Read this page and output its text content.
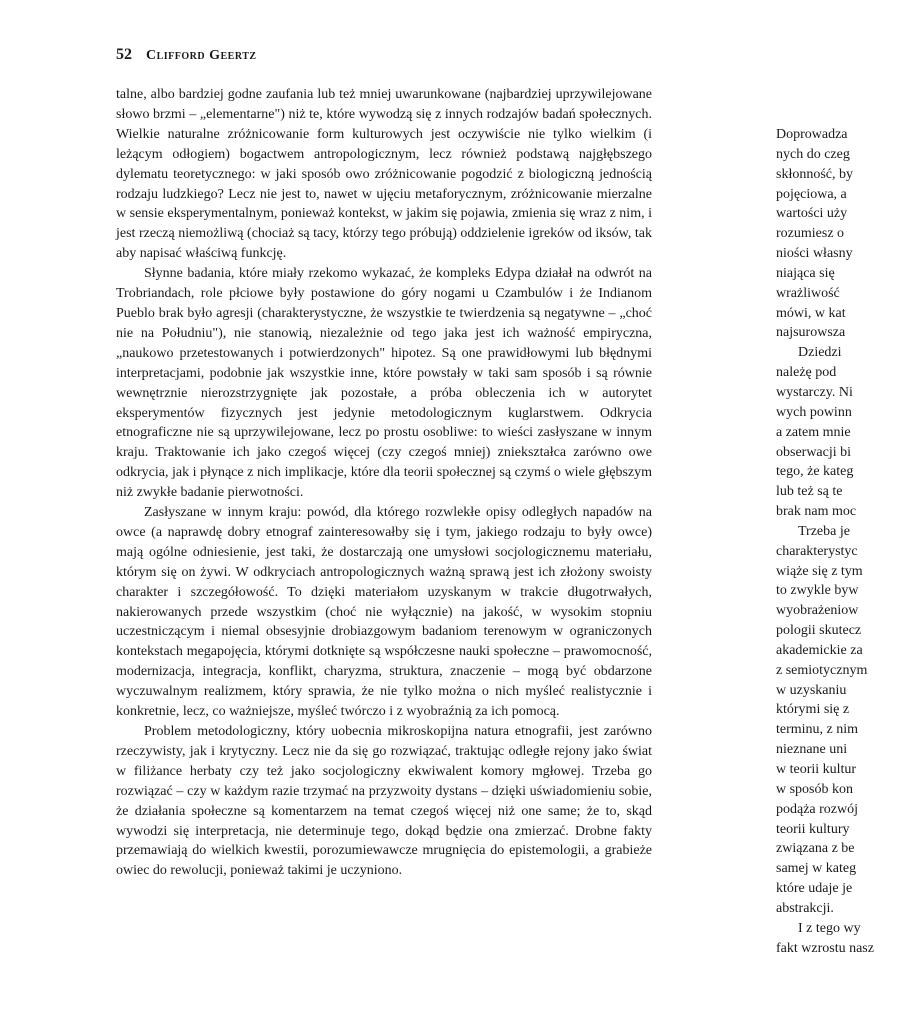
52 Clifford Geertz

talne, albo bardziej godne zaufania lub też mniej uwarunkowane (najbardziej uprzywilejowane słowo brzmi – „elementarne") niż te, które wywodzą się z innych rodzajów badań społecznych. Wielkie naturalne zróżnicowanie form kulturowych jest oczywiście nie tylko wielkim (i leżącym odłogiem) bogactwem antropologicznym, lecz również podstawą najgłębszego dylematu teoretycznego: w jaki sposób owo zróżnicowanie pogodzić z biologiczną jednością rodzaju ludzkiego? Lecz nie jest to, nawet w ujęciu metaforycznym, zróżnicowanie mierzalne w sensie eksperymentalnym, ponieważ kontekst, w jakim się pojawia, zmienia się wraz z nim, i jest rzeczą niemożliwą (chociaż są tacy, którzy tego próbują) oddzielenie igreków od iksów, tak aby napisać właściwą funkcję.

Słynne badania, które miały rzekomo wykazać, że kompleks Edypa działał na odwrót na Trobriandach, role płciowe były postawione do góry nogami u Czambulów i że Indianom Pueblo brak było agresji (charakterystyczne, że wszystkie te twierdzenia są negatywne – „choć nie na Południu"), nie stanowią, niezależnie od tego jaka jest ich ważność empiryczna, „naukowo przetestowanych i potwierdzonych" hipotez. Są one prawidłowymi lub błędnymi interpretacjami, podobnie jak wszystkie inne, które powstały w taki sam sposób i są równie wewnętrznie nierozstrzygnięte jak pozostałe, a próba obleczenia ich w autorytet eksperymentów fizycznych jest jedynie metodologicznym kuglarstwem. Odkrycia etnograficzne nie są uprzywilejowane, lecz po prostu osobliwe: to wieści zasłyszane w innym kraju. Traktowanie ich jako czegoś więcej (czy czegoś mniej) zniekształca zarówno owe odkrycia, jak i płynące z nich implikacje, które dla teorii społecznej są czymś o wiele głębszym niż zwykłe badanie pierwotności.

Zasłyszane w innym kraju: powód, dla którego rozwlekłe opisy odległych napadów na owce (a naprawdę dobry etnograf zainteresowałby się i tym, jakiego rodzaju to były owce) mają ogólne odniesienie, jest taki, że dostarczają one umysłowi socjologicznemu materiału, którym się on żywi. W odkryciach antropologicznych ważną sprawą jest ich złożony swoisty charakter i szczegółowość. To dzięki materiałom uzyskanym w trakcie długotrwałych, nakierowanych przede wszystkim (choć nie wyłącznie) na jakość, w wysokim stopniu uczestniczącym i niemal obsesyjnie drobiazgowym badaniom terenowym w ograniczonych kontekstach megapojęcia, którymi dotknięte są współczesne nauki społeczne – prawomocność, modernizacja, integracja, konflikt, charyzma, struktura, znaczenie – mogą być obdarzone wyczuwalnym realizmem, który sprawia, że nie tylko można o nich myśleć realistycznie i konkretnie, lecz, co ważniejsze, myśleć twórczo i z wyobraźnią za ich pomocą.

Problem metodologiczny, który uobecnia mikroskopijna natura etnografii, jest zarówno rzeczywisty, jak i krytyczny. Lecz nie da się go rozwiązać, traktując odległe rejony jako świat w filiżance herbaty czy też jako socjologiczny ekwiwalent komory mgłowej. Trzeba go rozwiązać – czy w każdym razie trzymać na przyzwoity dystans – dzięki uświadomieniu sobie, że działania społeczne są komentarzem na temat czegoś więcej niż one same; że to, skąd wywodzi się interpretacja, nie determinuje tego, dokąd będzie ona zmierzać. Drobne fakty przemawiają do wielkich kwestii, porozumiewawcze mrugnięcia do epistemologii, a grabieże owiec do rewolucji, ponieważ takimi je uczyniono.

Doprowadza
nych do czeg
skłonność, by
pojęciowa, a
wartości uży
rozumiesz o
niości własny
niająca się
wrażliwość
mówi, w kat
najsurowsza
Dziedzi
należę pod
wystarczy. Ni
wych powinn
a zatem mnie
obserwacji bi
tego, że kateg
lub też są te
brak nam moc
Trzeba je
charakterystyc
wiąże się z tym
to zwykle byw
wyobrażeniow
pologii skutecz
akademickie za
z semiotycznym
w uzyskaniu
którymi się z
terminu, z nim
nieznane uni
w teorii kultur
w sposób kon
podąża rozwój
teorii kultury
związana z be
samej w kateg
które udaje je
abstrakcji.
I z tego wy
fakt wzrostu nasz
